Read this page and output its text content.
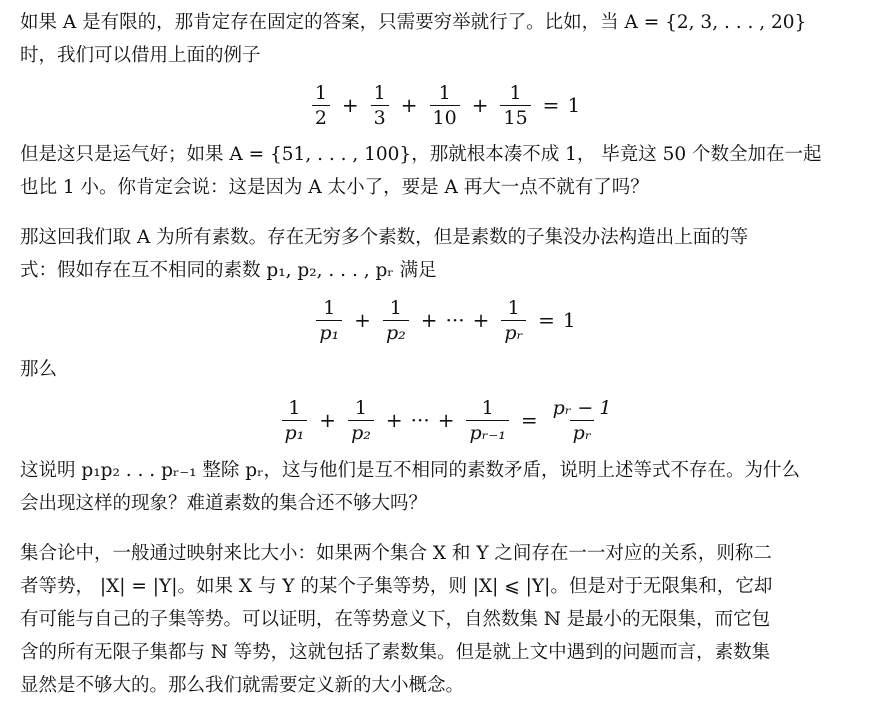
如果 A 是有限的，那肯定存在固定的答案，只需要穷举就行了。比如，当 A = {2, 3, . . . , 20}
时，我们可以借用上面的例子

$\frac{1}{2} + \frac{1}{3} + \frac{1}{10} + \frac{1}{15} = 1$

但是这只是运气好；如果 A = {51, . . . , 100}，那就根本凑不成 1， 毕竟这 50 个数全加在一起
也比 1 小。你肯定会说：这是因为 A 太小了，要是 A 再大一点不就有了吗？

那这回我们取 A 为所有素数。存在无穷多个素数，但是素数的子集没办法构造出上面的等
式：假如存在互不相同的素数 p₁, p₂, . . . , pᵣ 满足

$\frac{1}{\text{p₁}} + \frac{1}{\text{p₂}}$ + ··· + $\frac{1}{\text{pᵣ}} = 1$

那么

$\frac{1}{\text{p₁}} + \frac{1}{\text{p₂}}$ + ··· + $\frac{1}{\text{pᵣ₋₁}} = \frac{\text{pᵣ − 1}}{\text{pᵣ}}$

这说明 p₁p₂ . . . pᵣ₋₁ 整除 pᵣ，这与他们是互不相同的素数矛盾，说明上述等式不存在。为什么
会出现这样的现象？难道素数的集合还不够大吗？

集合论中，一般通过映射来比大小：如果两个集合 X 和 Y 之间存在一一对应的关系，则称二
者等势， |X| = |Y|。如果 X 与 Y 的某个子集等势，则 |X| ⩽ |Y|。但是对于无限集和，它却
有可能与自己的子集等势。可以证明，在等势意义下，自然数集 ℕ 是最小的无限集，而它包
含的所有无限子集都与 ℕ 等势，这就包括了素数集。但是就上文中遇到的问题而言，素数集
显然是不够大的。那么我们就需要定义新的大小概念。
